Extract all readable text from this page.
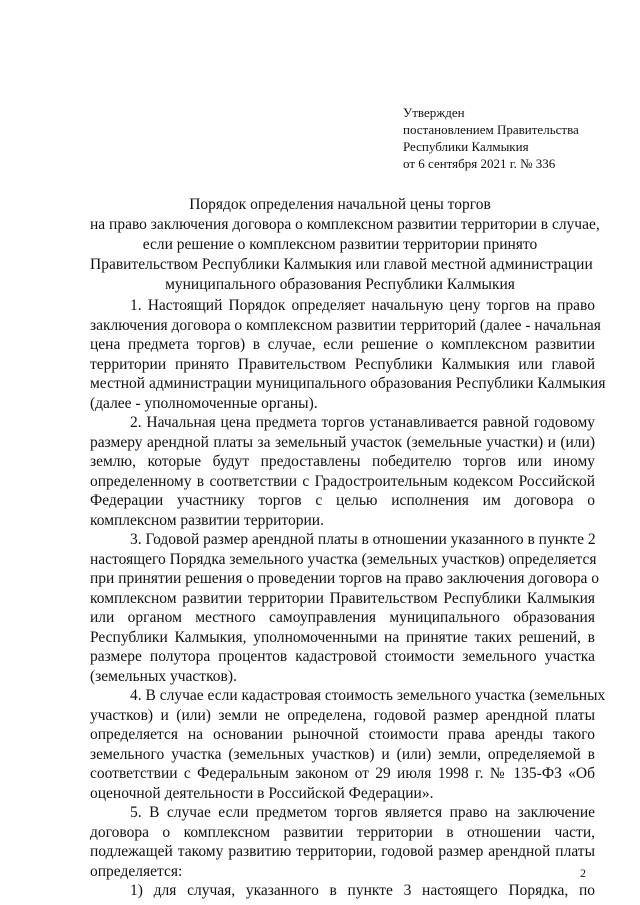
Утвержден
постановлением Правительства
Республики Калмыкия
от 6 сентября 2021 г. № 336
Порядок определения начальной цены торгов
на право заключения договора о комплексном развитии территории в случае,
если решение о комплексном развитии территории принято
Правительством Республики Калмыкия или главой местной администрации
муниципального образования Республики Калмыкия
1. Настоящий Порядок определяет начальную цену торгов на право
заключения договора о комплексном развитии территорий (далее - начальная
цена предмета торгов) в случае, если решение о комплексном развитии
территории принято Правительством Республики Калмыкия или главой
местной администрации муниципального образования Республики Калмыкия
(далее - уполномоченные органы).
2. Начальная цена предмета торгов устанавливается равной годовому
размеру арендной платы за земельный участок (земельные участки) и (или)
землю, которые будут предоставлены победителю торгов или иному
определенному в соответствии с Градостроительным кодексом Российской
Федерации участнику торгов с целью исполнения им договора о
комплексном развитии территории.
3. Годовой размер арендной платы в отношении указанного в пункте 2
настоящего Порядка земельного участка (земельных участков) определяется
при принятии решения о проведении торгов на право заключения договора о
комплексном развитии территории Правительством Республики Калмыкия
или органом местного самоуправления муниципального образования
Республики Калмыкия, уполномоченными на принятие таких решений, в
размере полутора процентов кадастровой стоимости земельного участка
(земельных участков).
4. В случае если кадастровая стоимость земельного участка (земельных
участков) и (или) земли не определена, годовой размер арендной платы
определяется на основании рыночной стоимости права аренды такого
земельного участка (земельных участков) и (или) земли, определяемой в
соответствии с Федеральным законом от 29 июля 1998 г. № 135-ФЗ «Об
оценочной деятельности в Российской Федерации».
5. В случае если предметом торгов является право на заключение
договора о комплексном развитии территории в отношении части,
подлежащей такому развитию территории, годовой размер арендной платы
определяется:
1) для случая, указанного в пункте 3 настоящего Порядка, по
2
